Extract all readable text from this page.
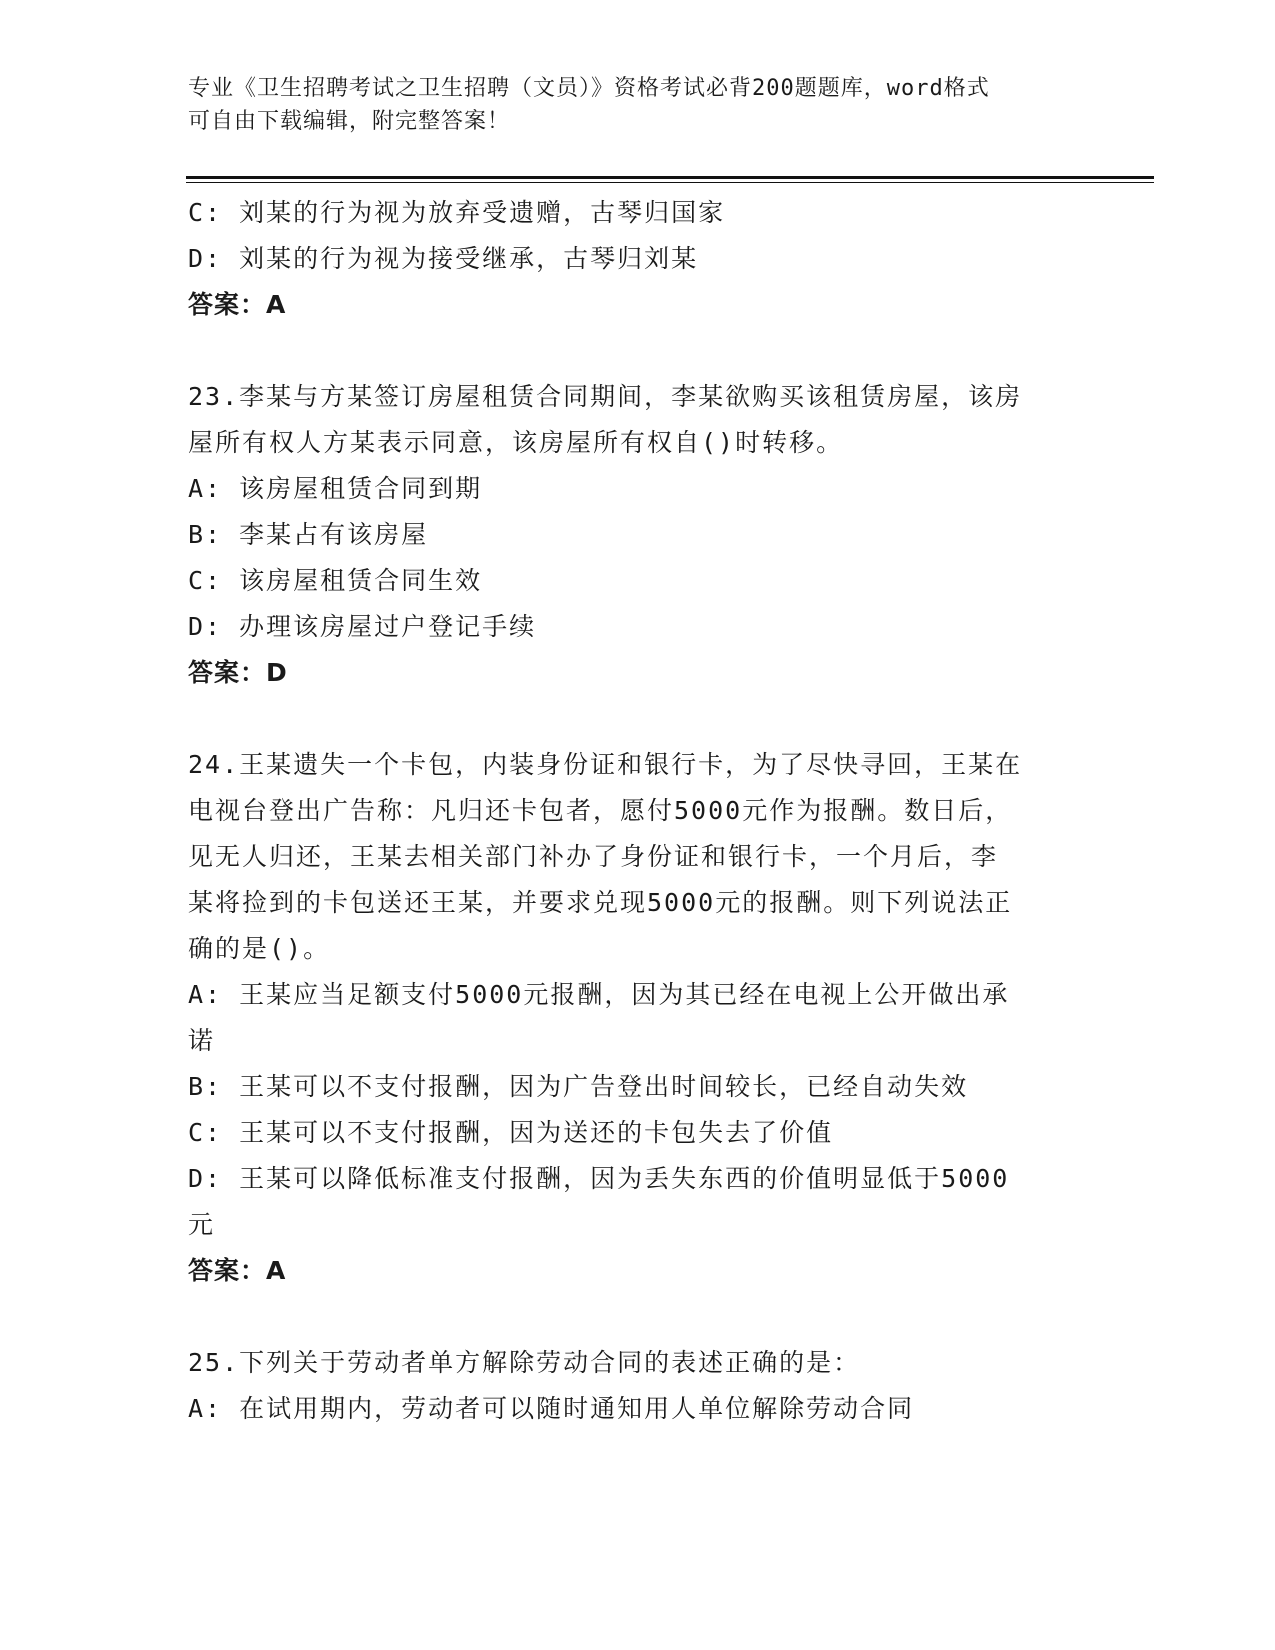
专业《卫生招聘考试之卫生招聘（文员）》资格考试必背200题题库，word格式
可自由下载编辑，附完整答案！
C: 刘某的行为视为放弃受遗赠，古琴归国家
D: 刘某的行为视为接受继承，古琴归刘某
答案：A
23.李某与方某签订房屋租赁合同期间，李某欲购买该租赁房屋，该房
屋所有权人方某表示同意，该房屋所有权自()时转移。
A: 该房屋租赁合同到期
B: 李某占有该房屋
C: 该房屋租赁合同生效
D: 办理该房屋过户登记手续
答案：D
24.王某遗失一个卡包，内装身份证和银行卡，为了尽快寻回，王某在
电视台登出广告称：凡归还卡包者，愿付5000元作为报酬。数日后，
见无人归还，王某去相关部门补办了身份证和银行卡，一个月后，李
某将捡到的卡包送还王某，并要求兑现5000元的报酬。则下列说法正
确的是()。
A: 王某应当足额支付5000元报酬，因为其已经在电视上公开做出承
诺
B: 王某可以不支付报酬，因为广告登出时间较长，已经自动失效
C: 王某可以不支付报酬，因为送还的卡包失去了价值
D: 王某可以降低标准支付报酬，因为丢失东西的价值明显低于5000
元
答案：A
25.下列关于劳动者单方解除劳动合同的表述正确的是：
A: 在试用期内，劳动者可以随时通知用人单位解除劳动合同
